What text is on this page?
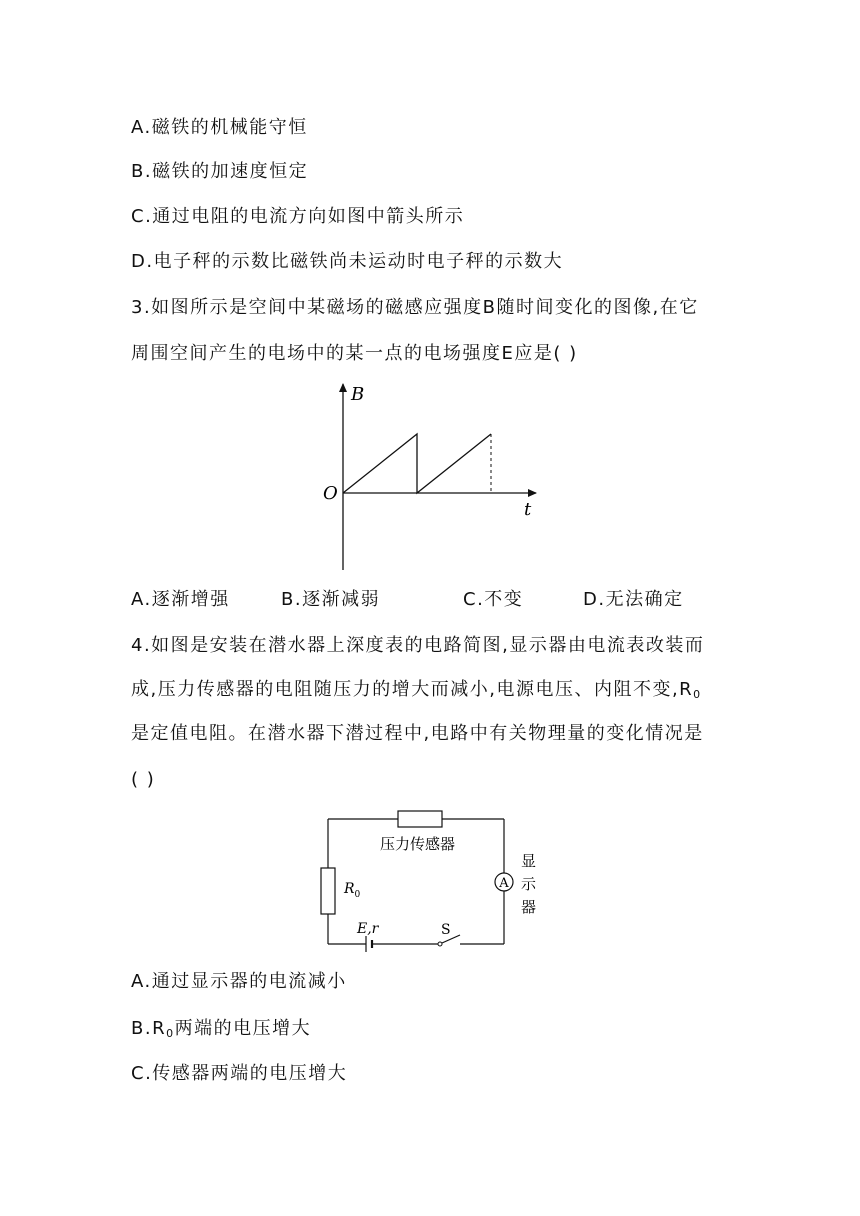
A.磁铁的机械能守恒
B.磁铁的加速度恒定
C.通过电阻的电流方向如图中箭头所示
D.电子秤的示数比磁铁尚未运动时电子秤的示数大
3.如图所示是空间中某磁场的磁感应强度B随时间变化的图像,在它
周围空间产生的电场中的某一点的电场强度E应是( )
B
t
O
A.逐渐增强	B.逐渐减弱	C.不变	D.无法确定
4.如图是安装在潜水器上深度表的电路简图,显示器由电流表改装而
成,压力传感器的电阻随压力的增大而减小,电源电压、内阻不变$,R_0$
是定值电阻。在潜水器下潜过程中,电路中有关物理量的变化情况是
( )
A
压力传感器
$R_0$
E,r	S
显
示
器
A.通过显示器的电流减小
$B.R_0$两端的电压增大
C.传感器两端的电压增大
